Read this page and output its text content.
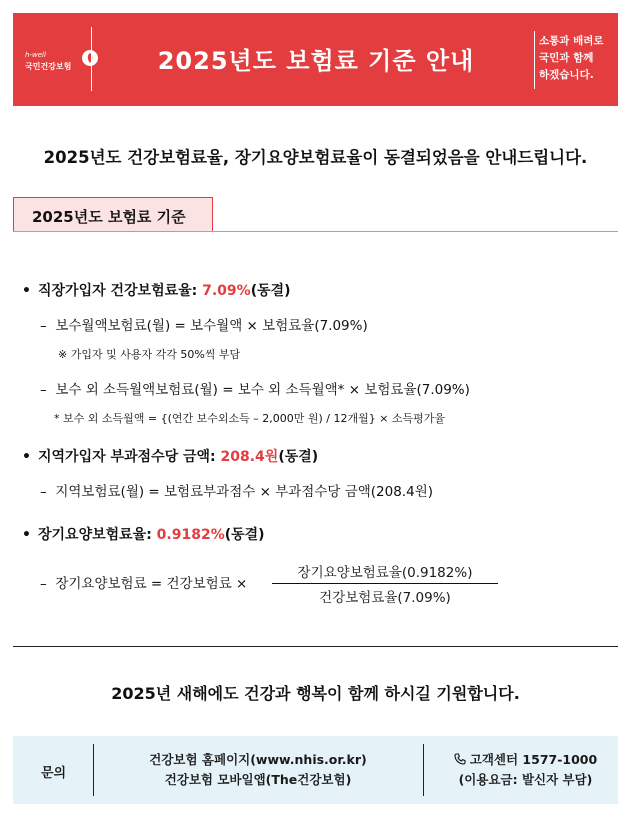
h-well
국민건강보험	2025년도 보험료 기준 안내
소통과 배려로
국민과 함께
하겠습니다.
2025년도 건강보험료율, 장기요양보험료율이 동결되었음을 안내드립니다.
2025년도 보험료 기준
• 직장가입자 건강보험료율: 7.09%(동결)
– 보수월액보험료(월) = 보수월액 × 보험료율(7.09%)
※ 가입자 및 사용자 각각 50%씩 부담
– 보수 외 소득월액보험료(월) = 보수 외 소득월액* × 보험료율(7.09%)
* 보수 외 소득월액 = {(연간 보수외소득 – 2,000만 원) / 12개월} × 소득평가율
• 지역가입자 부과점수당 금액: 208.4원(동결)
– 지역보험료(월) = 보험료부과점수 × 부과점수당 금액(208.4원)
• 장기요양보험료율: 0.9182%(동결)
– 장기요양보험료 = 건강보험료 ×
장기요양보험료율(0.9182%)
건강보험료율(7.09%)
2025년 새해에도 건강과 행복이 함께 하시길 기원합니다.
문의
건강보험 홈페이지(www.nhis.or.kr)
건강보험 모바일앱(The건강보험)
고객센터 1577-1000
(이용요금: 발신자 부담)
